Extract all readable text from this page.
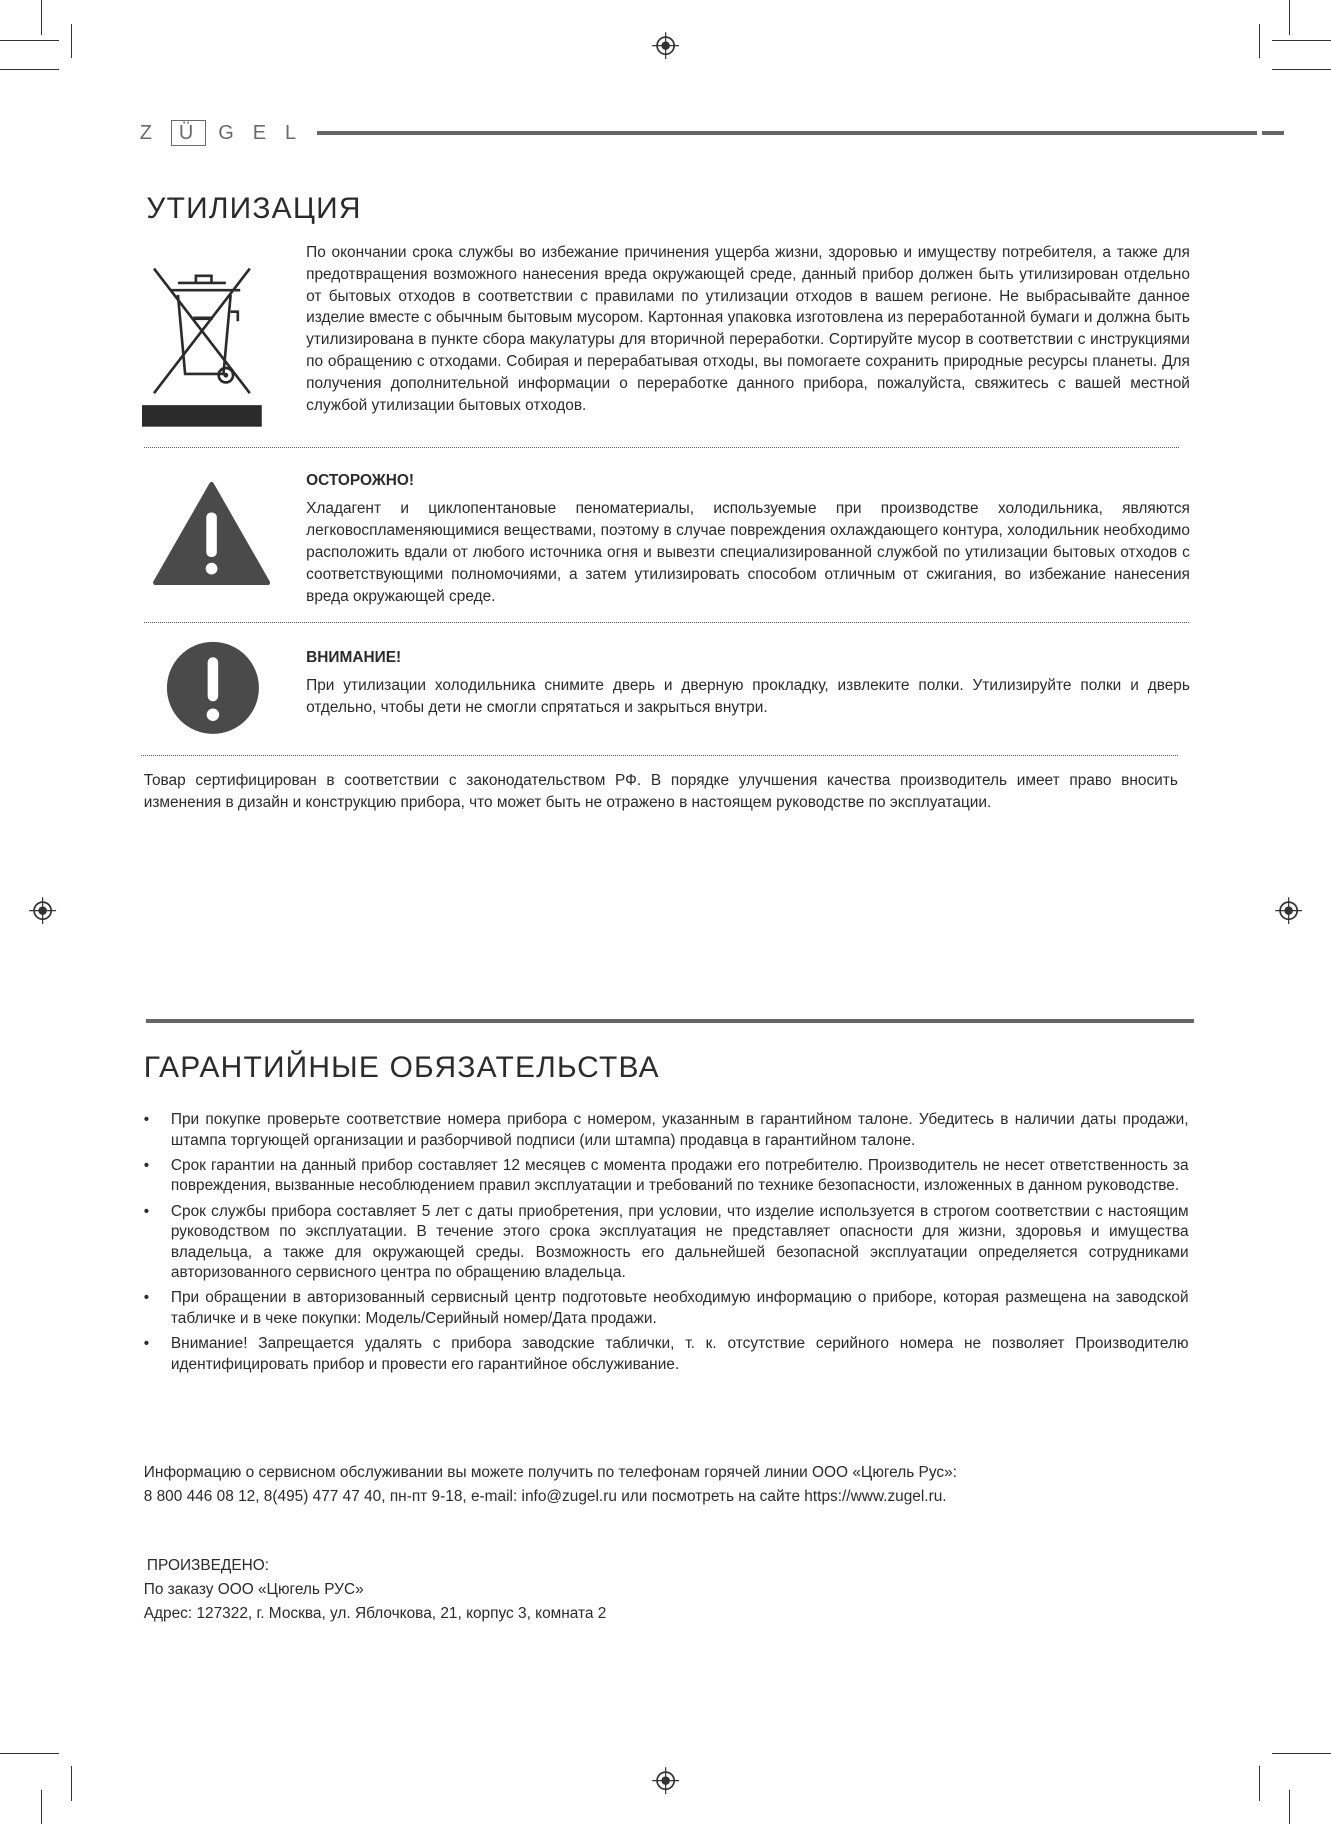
Z Ü G E L
УТИЛИЗАЦИЯ

По окончании срока службы во избежание причинения ущерба жизни, здоровью и имуществу потребителя, а также для предотвращения возможного нанесения вреда окружающей среде, данный прибор должен быть утилизирован отдельно от бытовых отходов в соответствии с правилами по утилизации отходов в вашем регионе. Не выбрасывайте данное изделие вместе с обычным бытовым мусором. Картонная упаковка изготовлена из переработанной бумаги и должна быть утилизирована в пункте сбора макулатуры для вторичной переработки. Сортируйте мусор в соответствии с инструкциями по обращению с отходами. Собирая и перерабатывая отходы, вы помогаете сохранить природные ресурсы планеты. Для получения дополнительной информации о переработке данного прибора, пожалуйста, свяжитесь с вашей местной службой утилизации бытовых отходов.

ОСТОРОЖНО!

Хладагент и циклопентановые пеноматериалы, используемые при производстве холодильника, являются легковоспламеняющимися веществами, поэтому в случае повреждения охлаждающего контура, холодильник необходимо расположить вдали от любого источника огня и вывезти специализированной службой по утилизации бытовых отходов с соответствующими полномочиями, а затем утилизировать способом отличным от сжигания, во избежание нанесения вреда окружающей среде.

ВНИМАНИЕ!

При утилизации холодильника снимите дверь и дверную прокладку, извлеките полки. Утилизируйте полки и дверь отдельно, чтобы дети не смогли спрятаться и закрыться внутри.

Товар сертифицирован в соответствии с законодательством РФ. В порядке улучшения качества производитель имеет право вносить изменения в дизайн и конструкцию прибора, что может быть не отражено в настоящем руководстве по эксплуатации.

ГАРАНТИЙНЫЕ ОБЯЗАТЕЛЬСТВА
• При покупке проверьте соответствие номера прибора с номером, указанным в гарантийном талоне. Убедитесь в наличии даты продажи, штампа торгующей организации и разборчивой подписи (или штампа) продавца в гарантийном талоне.
• Срок гарантии на данный прибор составляет 12 месяцев с момента продажи его потребителю. Производитель не несет ответственность за повреждения, вызванные несоблюдением правил эксплуатации и требований по технике безопасности, изложенных в данном руководстве.
• Срок службы прибора составляет 5 лет с даты приобретения, при условии, что изделие используется в строгом соответствии с настоящим руководством по эксплуатации. В течение этого срока эксплуатация не представляет опасности для жизни, здоровья и имущества владельца, а также для окружающей среды. Возможность его дальнейшей безопасной эксплуатации определяется сотрудниками авторизованного сервисного центра по обращению владельца.
• При обращении в авторизованный сервисный центр подготовьте необходимую информацию о приборе, которая размещена на заводской табличке и в чеке покупки: Модель/Серийный номер/Дата продажи.
• Внимание! Запрещается удалять с прибора заводские таблички, т. к. отсутствие серийного номера не позволяет Производителю идентифицировать прибор и провести его гарантийное обслуживание.
Информацию о сервисном обслуживании вы можете получить по телефонам горячей линии ООО «Цюгель Рус»:
8 800 446 08 12, 8(495) 477 47 40, пн-пт 9-18, e-mail: info@zugel.ru или посмотреть на сайте https://www.zugel.ru.
ПРОИЗВЕДЕНО:
По заказу ООО «Цюгель РУС»
Адрес: 127322, г. Москва, ул. Яблочкова, 21, корпус 3, комната 2
